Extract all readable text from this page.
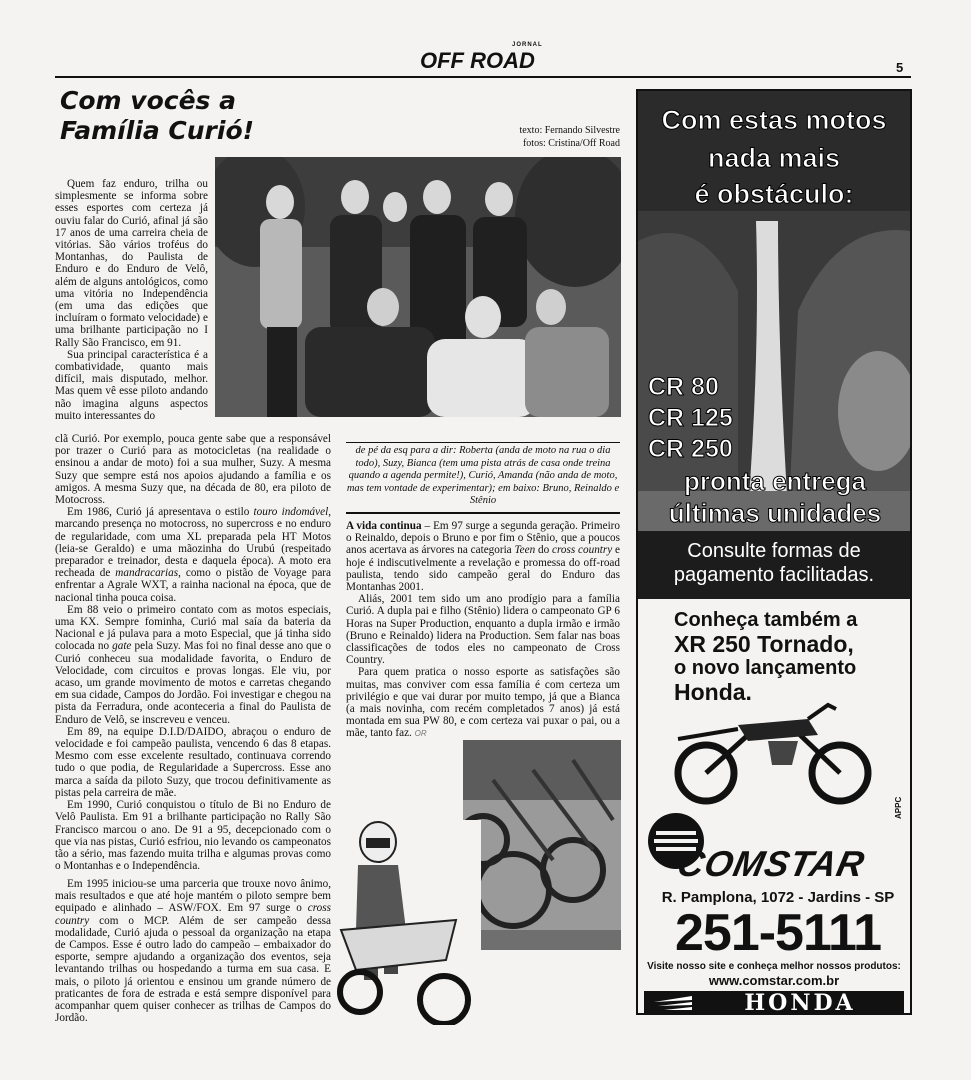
JORNAL
OFF ROAD	5
Com vocês a
Família Curió!	texto: Fernando Silvestre
fotos: Cristina/Off Road

Quem faz enduro, trilha ou simplesmente se informa sobre esses esportes com certeza já ouviu falar do Curió, afinal já são 17 anos de uma carreira cheia de vitórias. São vários troféus do Montanhas, do Paulista de Enduro e do Enduro de Velô, além de alguns antológicos, como uma vitória no Independência (em uma das edições que incluíram o formato velocidade) e uma brilhante participação no I Rally São Francisco, em 91.

Sua principal característica é a combatividade, quanto mais difícil, mais disputado, melhor. Mas quem vê esse piloto andando não imagina alguns aspectos muito interessantes do

clã Curió. Por exemplo, pouca gente sabe que a responsável por trazer o Curió para as motocicletas (na realidade o ensinou a andar de moto) foi a sua mulher, Suzy. A mesma Suzy que sempre está nos apoios ajudando a família e os amigos. A mesma Suzy que, na década de 80, era piloto de Motocross.

Em 1986, Curió já apresentava o estilo touro indomável, marcando presença no motocross, no supercross e no enduro de regularidade, com uma XL preparada pela HT Motos (leia-se Geraldo) e uma mãozinha do Urubú (respeitado preparador e treinador, desta e daquela época). A moto era recheada de mandracarias, como o pistão de Voyage para enfrentar a Agrale WXT, a rainha nacional na época, que de nacional tinha pouca coisa.

Em 88 veio o primeiro contato com as motos especiais, uma KX. Sempre fominha, Curió mal saía da bateria da Nacional e já pulava para a moto Especial, que já tinha sido colocada no gate pela Suzy. Mas foi no final desse ano que o Curió conheceu sua modalidade favorita, o Enduro de Velocidade, com circuitos e provas longas. Ele viu, por acaso, um grande movimento de motos e carretas chegando em sua cidade, Campos do Jordão. Foi investigar e chegou na pista da Ferradura, onde aconteceria a final do Paulista de Enduro de Velô, se inscreveu e venceu.

Em 89, na equipe D.I.D/DAIDO, abraçou o enduro de velocidade e foi campeão paulista, vencendo 6 das 8 etapas. Mesmo com esse excelente resultado, continuava correndo tudo o que podia, de Regularidade a Supercross. Esse ano marca a saída da piloto Suzy, que trocou definitivamente as pistas pela carreira de mãe.

Em 1990, Curió conquistou o título de Bi no Enduro de Velô Paulista. Em 91 a brilhante participação no Rally São Francisco marcou o ano. De 91 a 95, decepcionado com o que via nas pistas, Curió esfriou, nio levando os campeonatos tão a sério, mas fazendo muita trilha e algumas provas como o Montanhas e o Independência.

Em 1995 iniciou-se uma parceria que trouxe novo ânimo, mais resultados e que até hoje mantém o piloto sempre bem equipado e alinhado – ASW/FOX. Em 97 surge o cross country com o MCP. Além de ser campeão dessa modalidade, Curió ajuda o pessoal da organização na etapa de Campos. Esse é outro lado do campeão – embaixador do esporte, sempre ajudando a organização dos eventos, seja levantando trilhas ou hospedando a turma em sua casa. E mais, o piloto já orientou e ensinou um grande número de praticantes de fora de estrada e está sempre disponível para acompanhar quem quiser conhecer as trilhas de Campos do Jordão.

de pé da esq para a dir: Roberta (anda de moto na rua o dia todo), Suzy, Bianca (tem uma pista atrás de casa onde treina quando a agenda permite!), Curió, Amanda (não anda de moto, mas tem vontade de experimentar); em baixo: Bruno, Reinaldo e Stênio

A vida continua – Em 97 surge a segunda geração. Primeiro o Reinaldo, depois o Bruno e por fim o Stênio, que a poucos anos acertava as árvores na categoria Teen do cross country e hoje é indiscutivelmente a revelação e promessa do off-road paulista, tendo sido campeão geral do Enduro das Montanhas 2001.

Aliás, 2001 tem sido um ano prodígio para a família Curió. A dupla pai e filho (Stênio) lidera o campeonato GP 6 Horas na Super Production, enquanto a dupla irmão e irmão (Bruno e Reinaldo) lidera na Production. Sem falar nas boas classificações de todos eles no campeonato de Cross Country.

Para quem pratica o nosso esporte as satisfações são muitas, mas conviver com essa família é com certeza um privilégio e que vai durar por muito tempo, já que a Bianca (a mais novinha, com recém completados 7 anos) já está montada em sua PW 80, e com certeza vai puxar o pai, ou a mãe, tanto faz. OR

Com estas motos
nada mais
é obstáculo:
CR 80
CR 125
CR 250
pronta entrega
últimas unidades
Consulte formas de
pagamento facilitadas.
Conheça também a
XR 250 Tornado,
o novo lançamento
Honda.
COMSTAR
APPC
R. Pamplona, 1072 - Jardins - SP
251-5111
Visite nosso site e conheça melhor nossos produtos:
www.comstar.com.br
HONDA
